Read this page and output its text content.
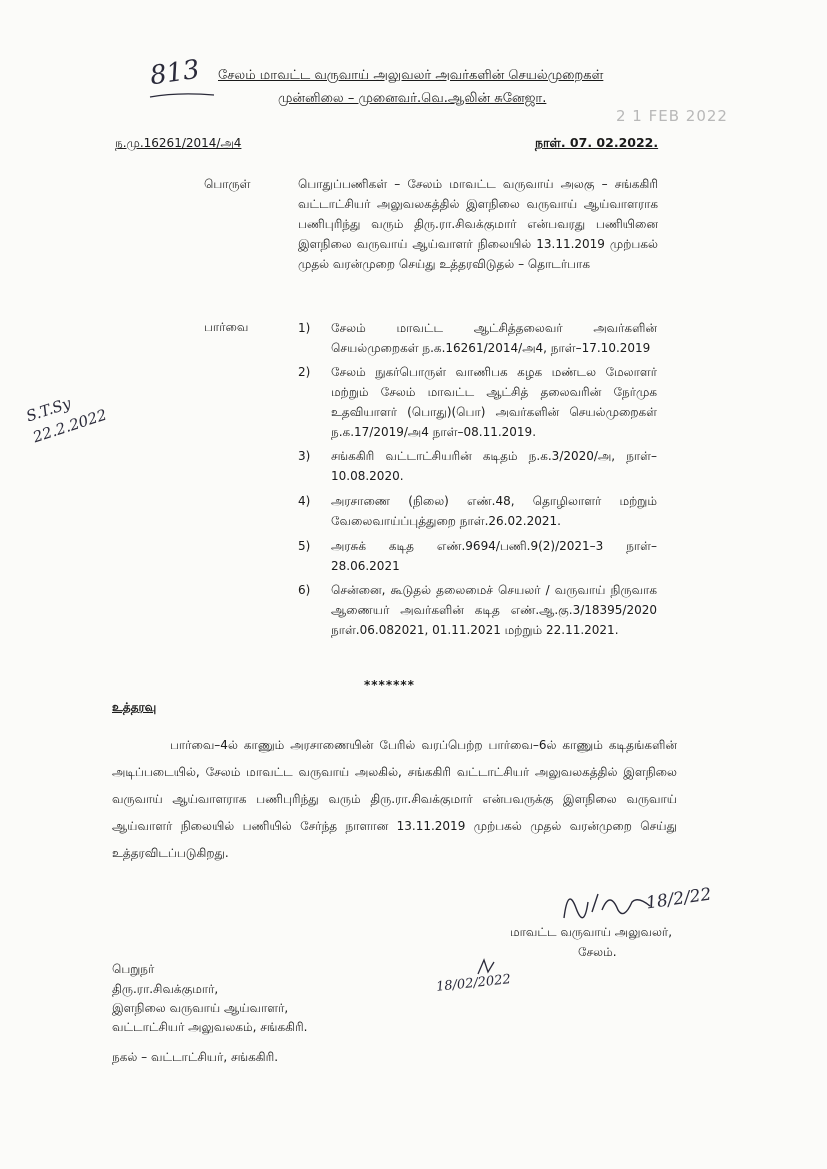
813 சேலம் மாவட்ட வருவாய் அலுவலர் அவர்களின் செயல்முறைகள்
முன்னிலை – முனைவர்.வெ.ஆலின் சுனேஜா.
2 1 FEB 2022
ந.மு.16261/2014/அ4	நாள். 07. 02.2022.
பொருள்	பொதுப்பணிகள் – சேலம் மாவட்ட வருவாய் அலகு – சங்ககிரி வட்டாட்சியர் அலுவலகத்தில் இளநிலை வருவாய் ஆய்வாளராக பணிபுரிந்து வரும் திரு.ரா.சிவக்குமார் என்பவரது பணியினை இளநிலை வருவாய் ஆய்வாளர் நிலையில் 13.11.2019 முற்பகல் முதல் வரன்முறை செய்து உத்தரவிடுதல் – தொடர்பாக
பார்வை	1)	சேலம் மாவட்ட ஆட்சித்தலைவர் அவர்களின் செயல்முறைகள் ந.க.16261/2014/அ4, நாள்–17.10.2019
2)	சேலம் நுகர்பொருள் வாணிபக கழக மண்டல மேலாளர் மற்றும் சேலம் மாவட்ட ஆட்சித் தலைவரின் நேர்முக உதவியாளர் (பொது)(பொ) அவர்களின் செயல்முறைகள் ந.க.17/2019/அ4 நாள்–08.11.2019.
3)	சங்ககிரி வட்டாட்சியரின் கடிதம் ந.க.3/2020/அ, நாள்–10.08.2020.
4)	அரசாணை (நிலை) எண்.48, தொழிலாளர் மற்றும் வேலைவாய்ப்புத்துறை நாள்.26.02.2021.
5)	அரசுக் கடித எண்.9694/பணி.9(2)/2021–3 நாள்–28.06.2021
6)	சென்னை, கூடுதல் தலைமைச் செயலர் / வருவாய் நிருவாக ஆணையர் அவர்களின் கடித எண்.ஆ.கு.3/18395/2020 நாள்.06.082021, 01.11.2021 மற்றும் 22.11.2021.
S.T.Sy 22.2.2022
*******
உத்தரவு
பார்வை–4ல் காணும் அரசாணையின் பேரில் வரப்பெற்ற பார்வை–6ல் காணும் கடிதங்களின் அடிப்படையில், சேலம் மாவட்ட வருவாய் அலகில், சங்ககிரி வட்டாட்சியர் அலுவலகத்தில் இளநிலை வருவாய் ஆய்வாளராக பணிபுரிந்து வரும் திரு.ரா.சிவக்குமார் என்பவருக்கு இளநிலை வருவாய் ஆய்வாளர் நிலையில் பணியில் சேர்ந்த நாளான 13.11.2019 முற்பகல் முதல் வரன்முறை செய்து உத்தரவிடப்படுகிறது.
18/2/22
மாவட்ட வருவாய் அலுவலர்,
சேலம்.
பெறுநர்
திரு.ரா.சிவக்குமார்,
இளநிலை வருவாய் ஆய்வாளர்,
வட்டாட்சியர் அலுவலகம், சங்ககிரி.
18/02/2022
நகல் – வட்டாட்சியர், சங்ககிரி.
